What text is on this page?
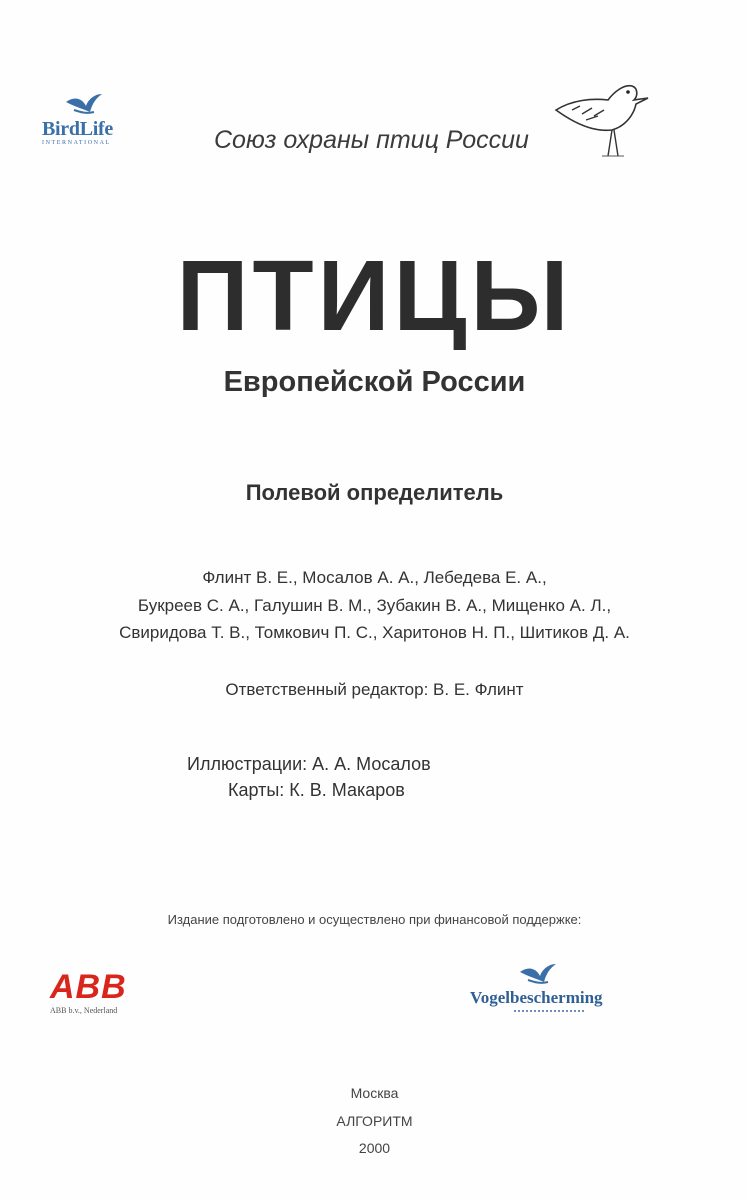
BirdLife
INTERNATIONAL	Союз охраны птиц России
ПТИЦЫ
Европейской России
Полевой определитель
Флинт В. Е., Мосалов А. А., Лебедева Е. А.,
Букреев С. А., Галушин В. М., Зубакин В. А., Мищенко А. Л.,
Свиридова Т. В., Томкович П. С., Харитонов Н. П., Шитиков Д. А.
Ответственный редактор: В. Е. Флинт
Иллюстрации: А. А. Мосалов
Карты: К. В. Макаров
Издание подготовлено и осуществлено при финансовой поддержке:
ABB
ABB b.v., Nederland
Vogelbescherming
Москва
АЛГОРИТМ
2000
